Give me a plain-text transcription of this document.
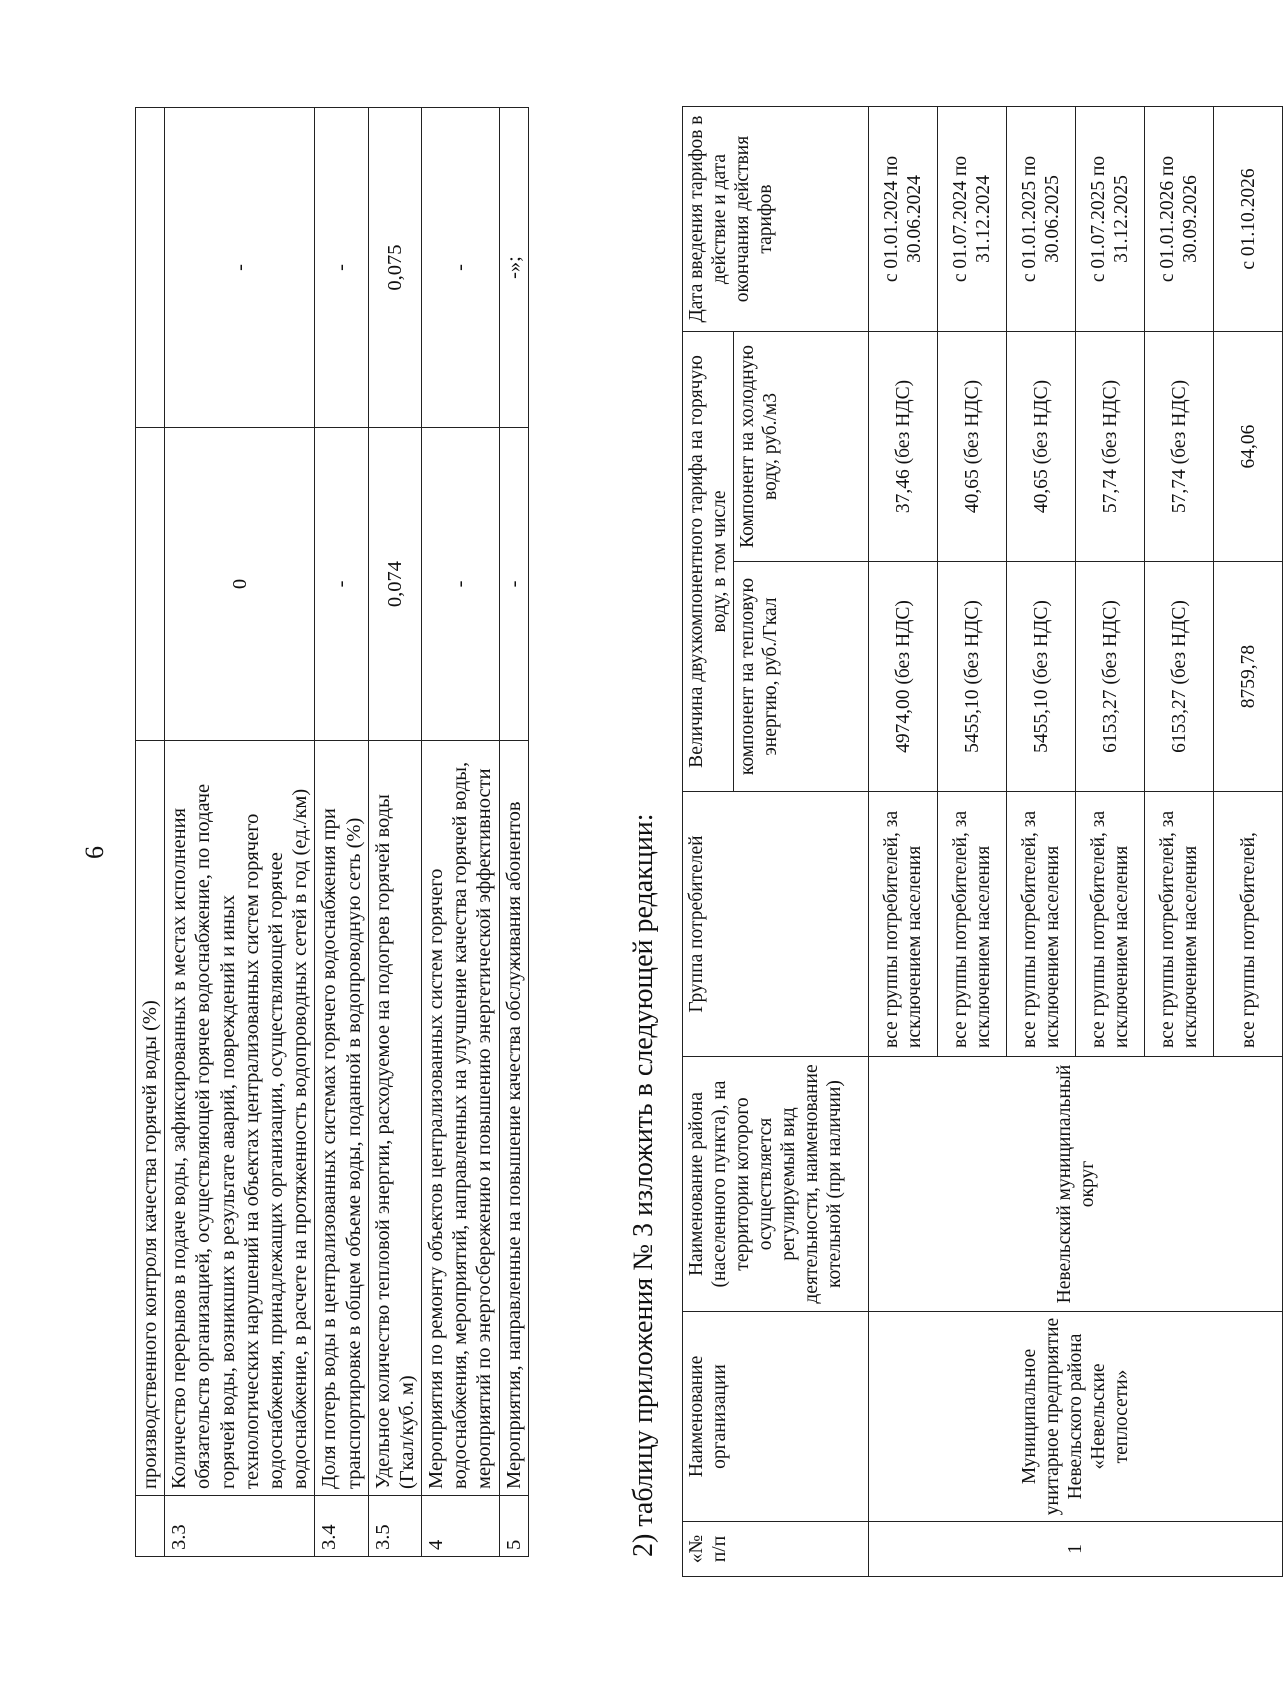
6
	производственного контроля качества горячей воды (%)		
3.3	Количество перерывов в подаче воды, зафиксированных в местах исполнения обязательств организацией, осуществляющей горячее водоснабжение, по подаче горячей воды, возникших в результате аварий, повреждений и иных технологических нарушений на объектах централизованных систем горячего водоснабжения, принадлежащих организации, осуществляющей горячее водоснабжение, в расчете на протяженность водопроводных сетей в год (ед./км)	0	-
3.4	Доля потерь воды в централизованных системах горячего водоснабжения при транспортировке в общем объеме воды, поданной в водопроводную сеть (%)	-	-
3.5	Удельное количество тепловой энергии, расходуемое на подогрев горячей воды (Гкал/куб. м)	0,074	0,075
4	Мероприятия по ремонту объектов централизованных систем горячего водоснабжения, мероприятий, направленных на улучшение качества горячей воды, мероприятий по энергосбережению и повышению энергетической эффективности	-	-
5	Мероприятия, направленные на повышение качества обслуживания абонентов	-	-»;
2) таблицу приложения № 3 изложить в следующей редакции: «№ п/п	Наименование организации	Наименование района (населенного пункта), на территории которого осуществляется регулируемый вид деятельности, наименование котельной (при наличии)	Группа потребителей	Величина двухкомпонентного тарифа на горячую воду, в том числе		Дата введения тарифов в действие и дата окончания действия тарифов
				компонент на тепловую энергию, руб./Гкал	Компонент на холодную воду, руб./м3	
1	Муниципальное унитарное предприятие Невельского района «Невельские теплосети»	Невельский муниципальный округ	все группы потребителей, за исключением населения	4974,00 (без НДС)	37,46 (без НДС)	с 01.01.2024 по 30.06.2024
			все группы потребителей, за исключением населения	5455,10 (без НДС)	40,65 (без НДС)	с 01.07.2024 по 31.12.2024
			все группы потребителей, за исключением населения	5455,10 (без НДС)	40,65 (без НДС)	с 01.01.2025 по 30.06.2025
			все группы потребителей, за исключением населения	6153,27 (без НДС)	57,74 (без НДС)	с 01.07.2025 по 31.12.2025
			все группы потребителей, за исключением населения	6153,27 (без НДС)	57,74 (без НДС)	с 01.01.2026 по 30.09.2026
			все группы потребителей,	8759,78	64,06	с 01.10.2026
